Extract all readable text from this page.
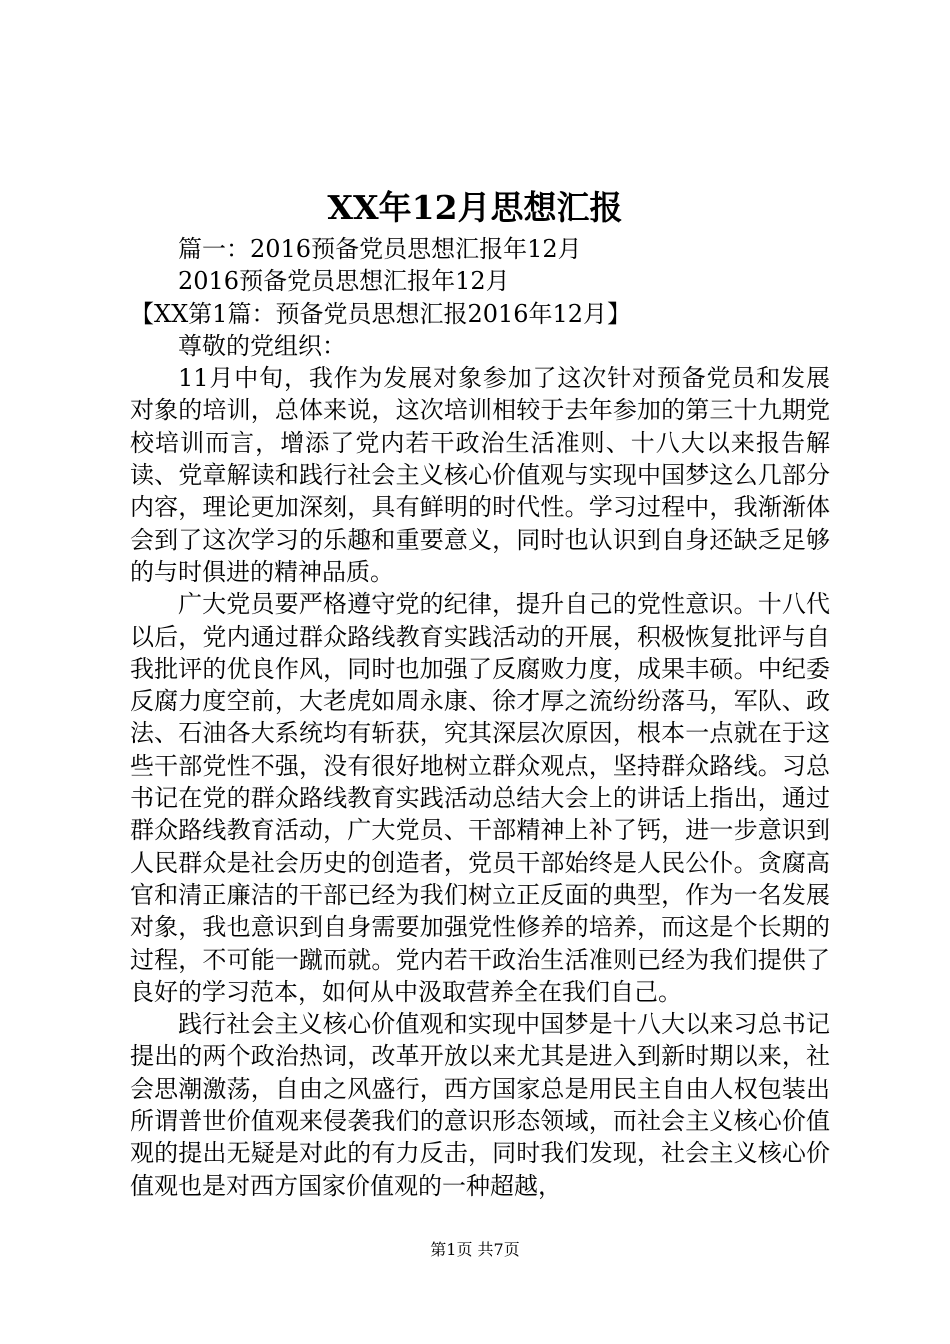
XX年12月思想汇报

篇一：2016预备党员思想汇报年12月

2016预备党员思想汇报年12月

【XX第1篇：预备党员思想汇报2016年12月】

尊敬的党组织：

11月中旬，我作为发展对象参加了这次针对预备党员和发展对象的培训，总体来说，这次培训相较于去年参加的第三十九期党校培训而言，增添了党内若干政治生活准则、十八大以来报告解读、党章解读和践行社会主义核心价值观与实现中国梦这么几部分内容，理论更加深刻，具有鲜明的时代性。学习过程中，我渐渐体会到了这次学习的乐趣和重要意义，同时也认识到自身还缺乏足够的与时俱进的精神品质。

广大党员要严格遵守党的纪律，提升自己的党性意识。十八代以后，党内通过群众路线教育实践活动的开展，积极恢复批评与自我批评的优良作风，同时也加强了反腐败力度，成果丰硕。中纪委反腐力度空前，大老虎如周永康、徐才厚之流纷纷落马，军队、政法、石油各大系统均有斩获，究其深层次原因，根本一点就在于这些干部党性不强，没有很好地树立群众观点，坚持群众路线。习总书记在党的群众路线教育实践活动总结大会上的讲话上指出，通过群众路线教育活动，广大党员、干部精神上补了钙，进一步意识到人民群众是社会历史的创造者，党员干部始终是人民公仆。贪腐高官和清正廉洁的干部已经为我们树立正反面的典型，作为一名发展对象，我也意识到自身需要加强党性修养的培养，而这是个长期的过程，不可能一蹴而就。党内若干政治生活准则已经为我们提供了良好的学习范本，如何从中汲取营养全在我们自己。

践行社会主义核心价值观和实现中国梦是十八大以来习总书记提出的两个政治热词，改革开放以来尤其是进入到新时期以来，社会思潮激荡，自由之风盛行，西方国家总是用民主自由人权包装出所谓普世价值观来侵袭我们的意识形态领域，而社会主义核心价值观的提出无疑是对此的有力反击，同时我们发现，社会主义核心价值观也是对西方国家价值观的一种超越，

第1页 共7页
